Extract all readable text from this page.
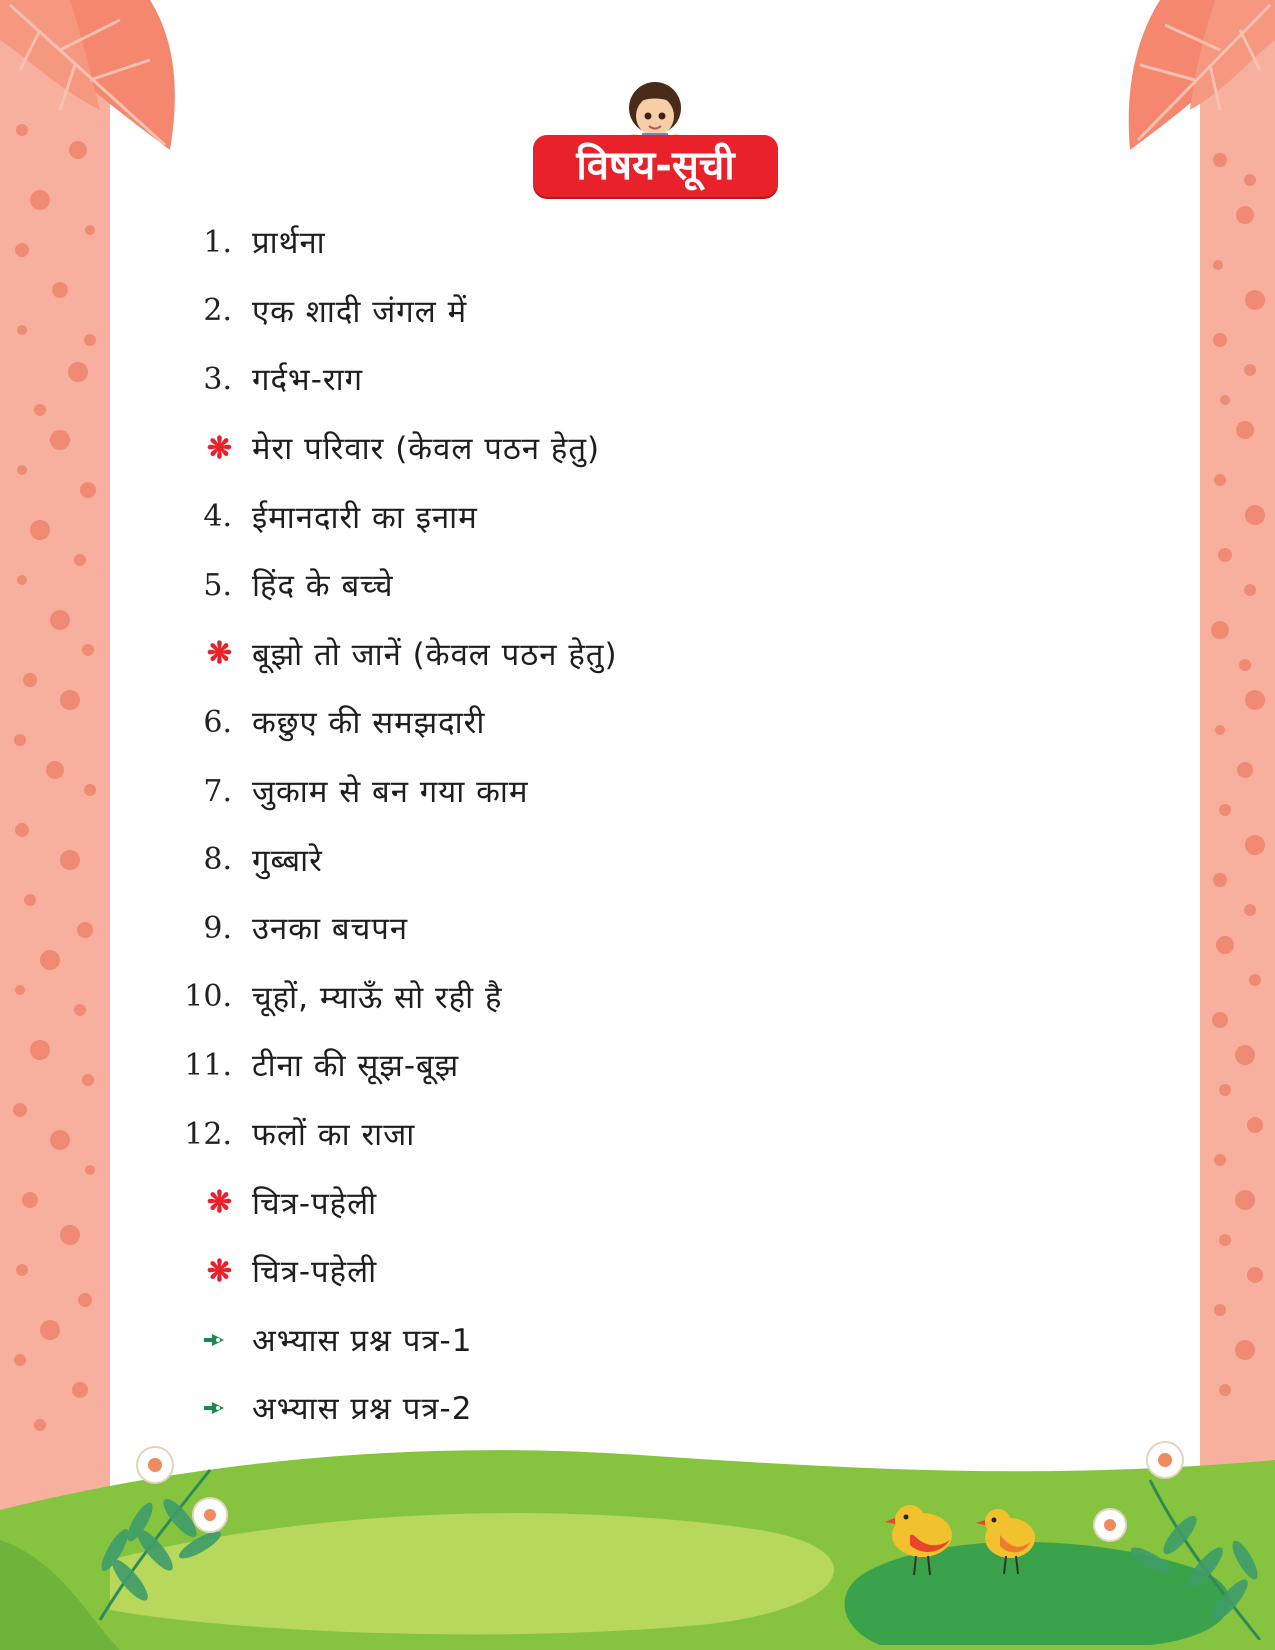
विषय-सूची
1. प्रार्थना
2. एक शादी जंगल में
3. गर्दभ-राग
❋ मेरा परिवार (केवल पठन हेतु)
4. ईमानदारी का इनाम
5. हिंद के बच्चे
❋ बूझो तो जानें (केवल पठन हेतु)
6. कछुए की समझदारी
7. जुकाम से बन गया काम
8. गुब्बारे
9. उनका बचपन
10. चूहों, म्याऊँ सो रही है
11. टीना की सूझ-बूझ
12. फलों का राजा
❋ चित्र-पहेली
❋ चित्र-पहेली
अभ्यास प्रश्न पत्र-1
अभ्यास प्रश्न पत्र-2
